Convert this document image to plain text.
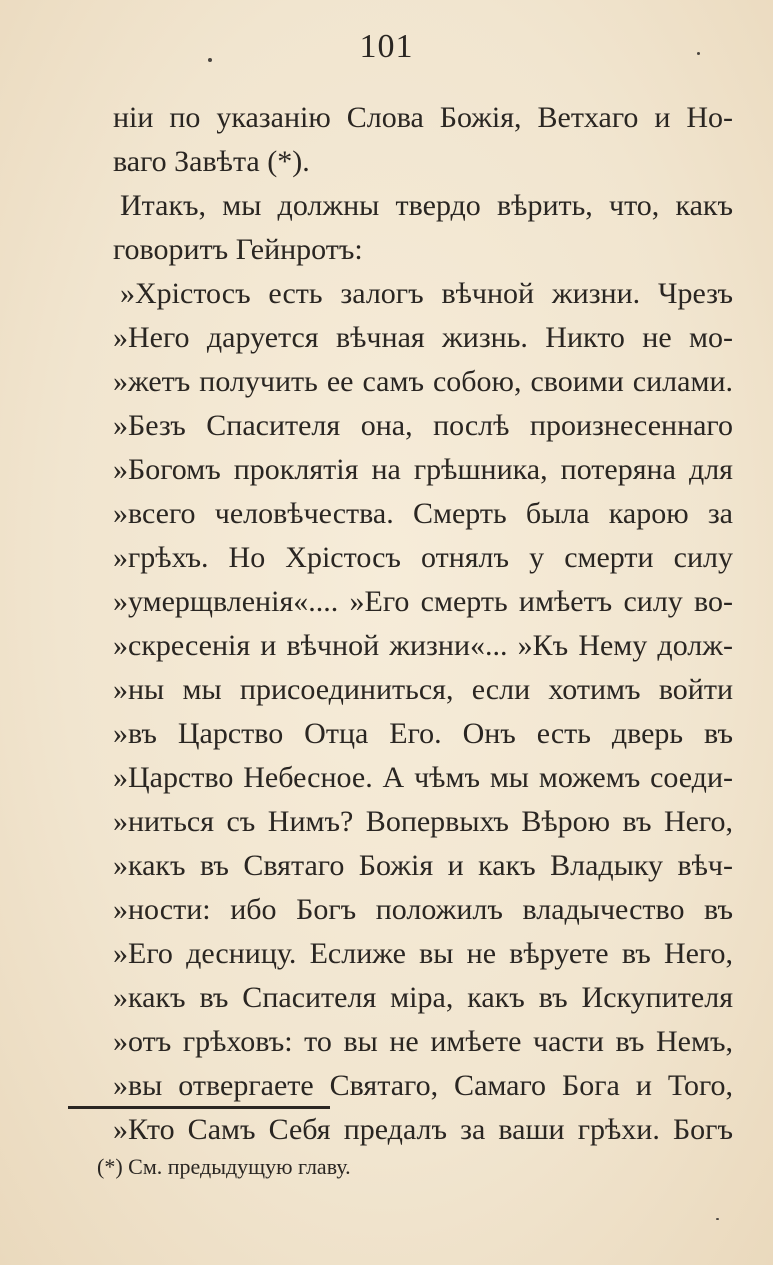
101
ніи по указанію Слова Божія, Ветхаго и Но-
ваго Завѣта (*).
Итакъ, мы должны твердо вѣрить, что, какъ
говоритъ Гейнротъ:
»Хрістосъ есть залогъ вѣчной жизни. Чрезъ
»Него даруется вѣчная жизнь. Никто не мо-
»жетъ получить ее самъ собою, своими силами.
»Безъ Спасителя она, послѣ произнесеннаго
»Богомъ проклятія на грѣшника, потеряна для
»всего человѣчества. Смерть была карою за
»грѣхъ. Но Хрістосъ отнялъ у смерти силу
»умерщвленія«.... »Его смерть имѣетъ силу во-
»скресенія и вѣчной жизни«... »Къ Нему долж-
»ны мы присоединиться, если хотимъ войти
»въ Царство Отца Его. Онъ есть дверь въ
»Царство Небесное. А чѣмъ мы можемъ соеди-
»ниться съ Нимъ? Вопервыхъ Вѣрою въ Него,
»какъ въ Святаго Божія и какъ Владыку вѣч-
»ности: ибо Богъ положилъ владычество въ
»Его десницу. Еслиже вы не вѣруете въ Него,
»какъ въ Спасителя міра, какъ въ Искупителя
»отъ грѣховъ: то вы не имѣете части въ Немъ,
»вы отвергаете Святаго, Самаго Бога и Того,
»Кто Самъ Себя предалъ за ваши грѣхи. Богъ
(*) См. предыдущую главу.
